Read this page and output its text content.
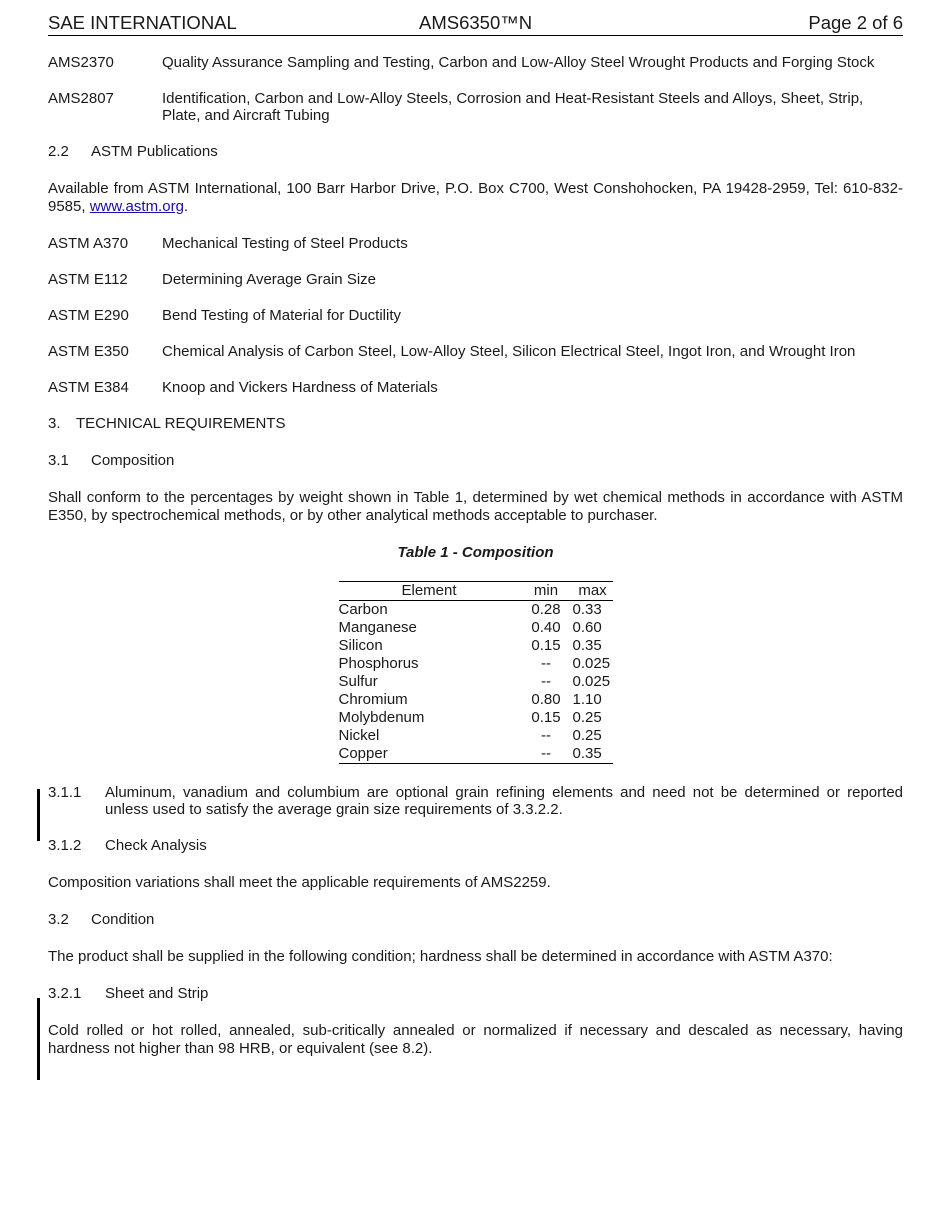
SAE INTERNATIONAL	AMS6350™N	Page 2 of 6
AMS2370	Quality Assurance Sampling and Testing, Carbon and Low-Alloy Steel Wrought Products and Forging Stock
AMS2807	Identification, Carbon and Low-Alloy Steels, Corrosion and Heat-Resistant Steels and Alloys, Sheet, Strip, Plate, and Aircraft Tubing

2.2 ASTM Publications

Available from ASTM International, 100 Barr Harbor Drive, P.O. Box C700, West Conshohocken, PA 19428-2959, Tel: 610-832-9585, www.astm.org.

ASTM A370	Mechanical Testing of Steel Products
ASTM E112	Determining Average Grain Size
ASTM E290	Bend Testing of Material for Ductility
ASTM E350	Chemical Analysis of Carbon Steel, Low-Alloy Steel, Silicon Electrical Steel, Ingot Iron, and Wrought Iron
ASTM E384	Knoop and Vickers Hardness of Materials

3. TECHNICAL REQUIREMENTS

3.1 Composition

Shall conform to the percentages by weight shown in Table 1, determined by wet chemical methods in accordance with ASTM E350, by spectrochemical methods, or by other analytical methods acceptable to purchaser.

Table 1 - Composition

Element	min	max
Carbon	0.28	0.33
Manganese	0.40	0.60
Silicon	0.15	0.35
Phosphorus	--	0.025
Sulfur	--	0.025
Chromium	0.80	1.10
Molybdenum	0.15	0.25
Nickel	--	0.25
Copper	--	0.35
3.1.1	Aluminum, vanadium and columbium are optional grain refining elements and need not be determined or reported unless used to satisfy the average grain size requirements of 3.3.2.2.

3.1.2 Check Analysis

Composition variations shall meet the applicable requirements of AMS2259.

3.2 Condition

The product shall be supplied in the following condition; hardness shall be determined in accordance with ASTM A370:

3.2.1 Sheet and Strip

Cold rolled or hot rolled, annealed, sub-critically annealed or normalized if necessary and descaled as necessary, having hardness not higher than 98 HRB, or equivalent (see 8.2).
